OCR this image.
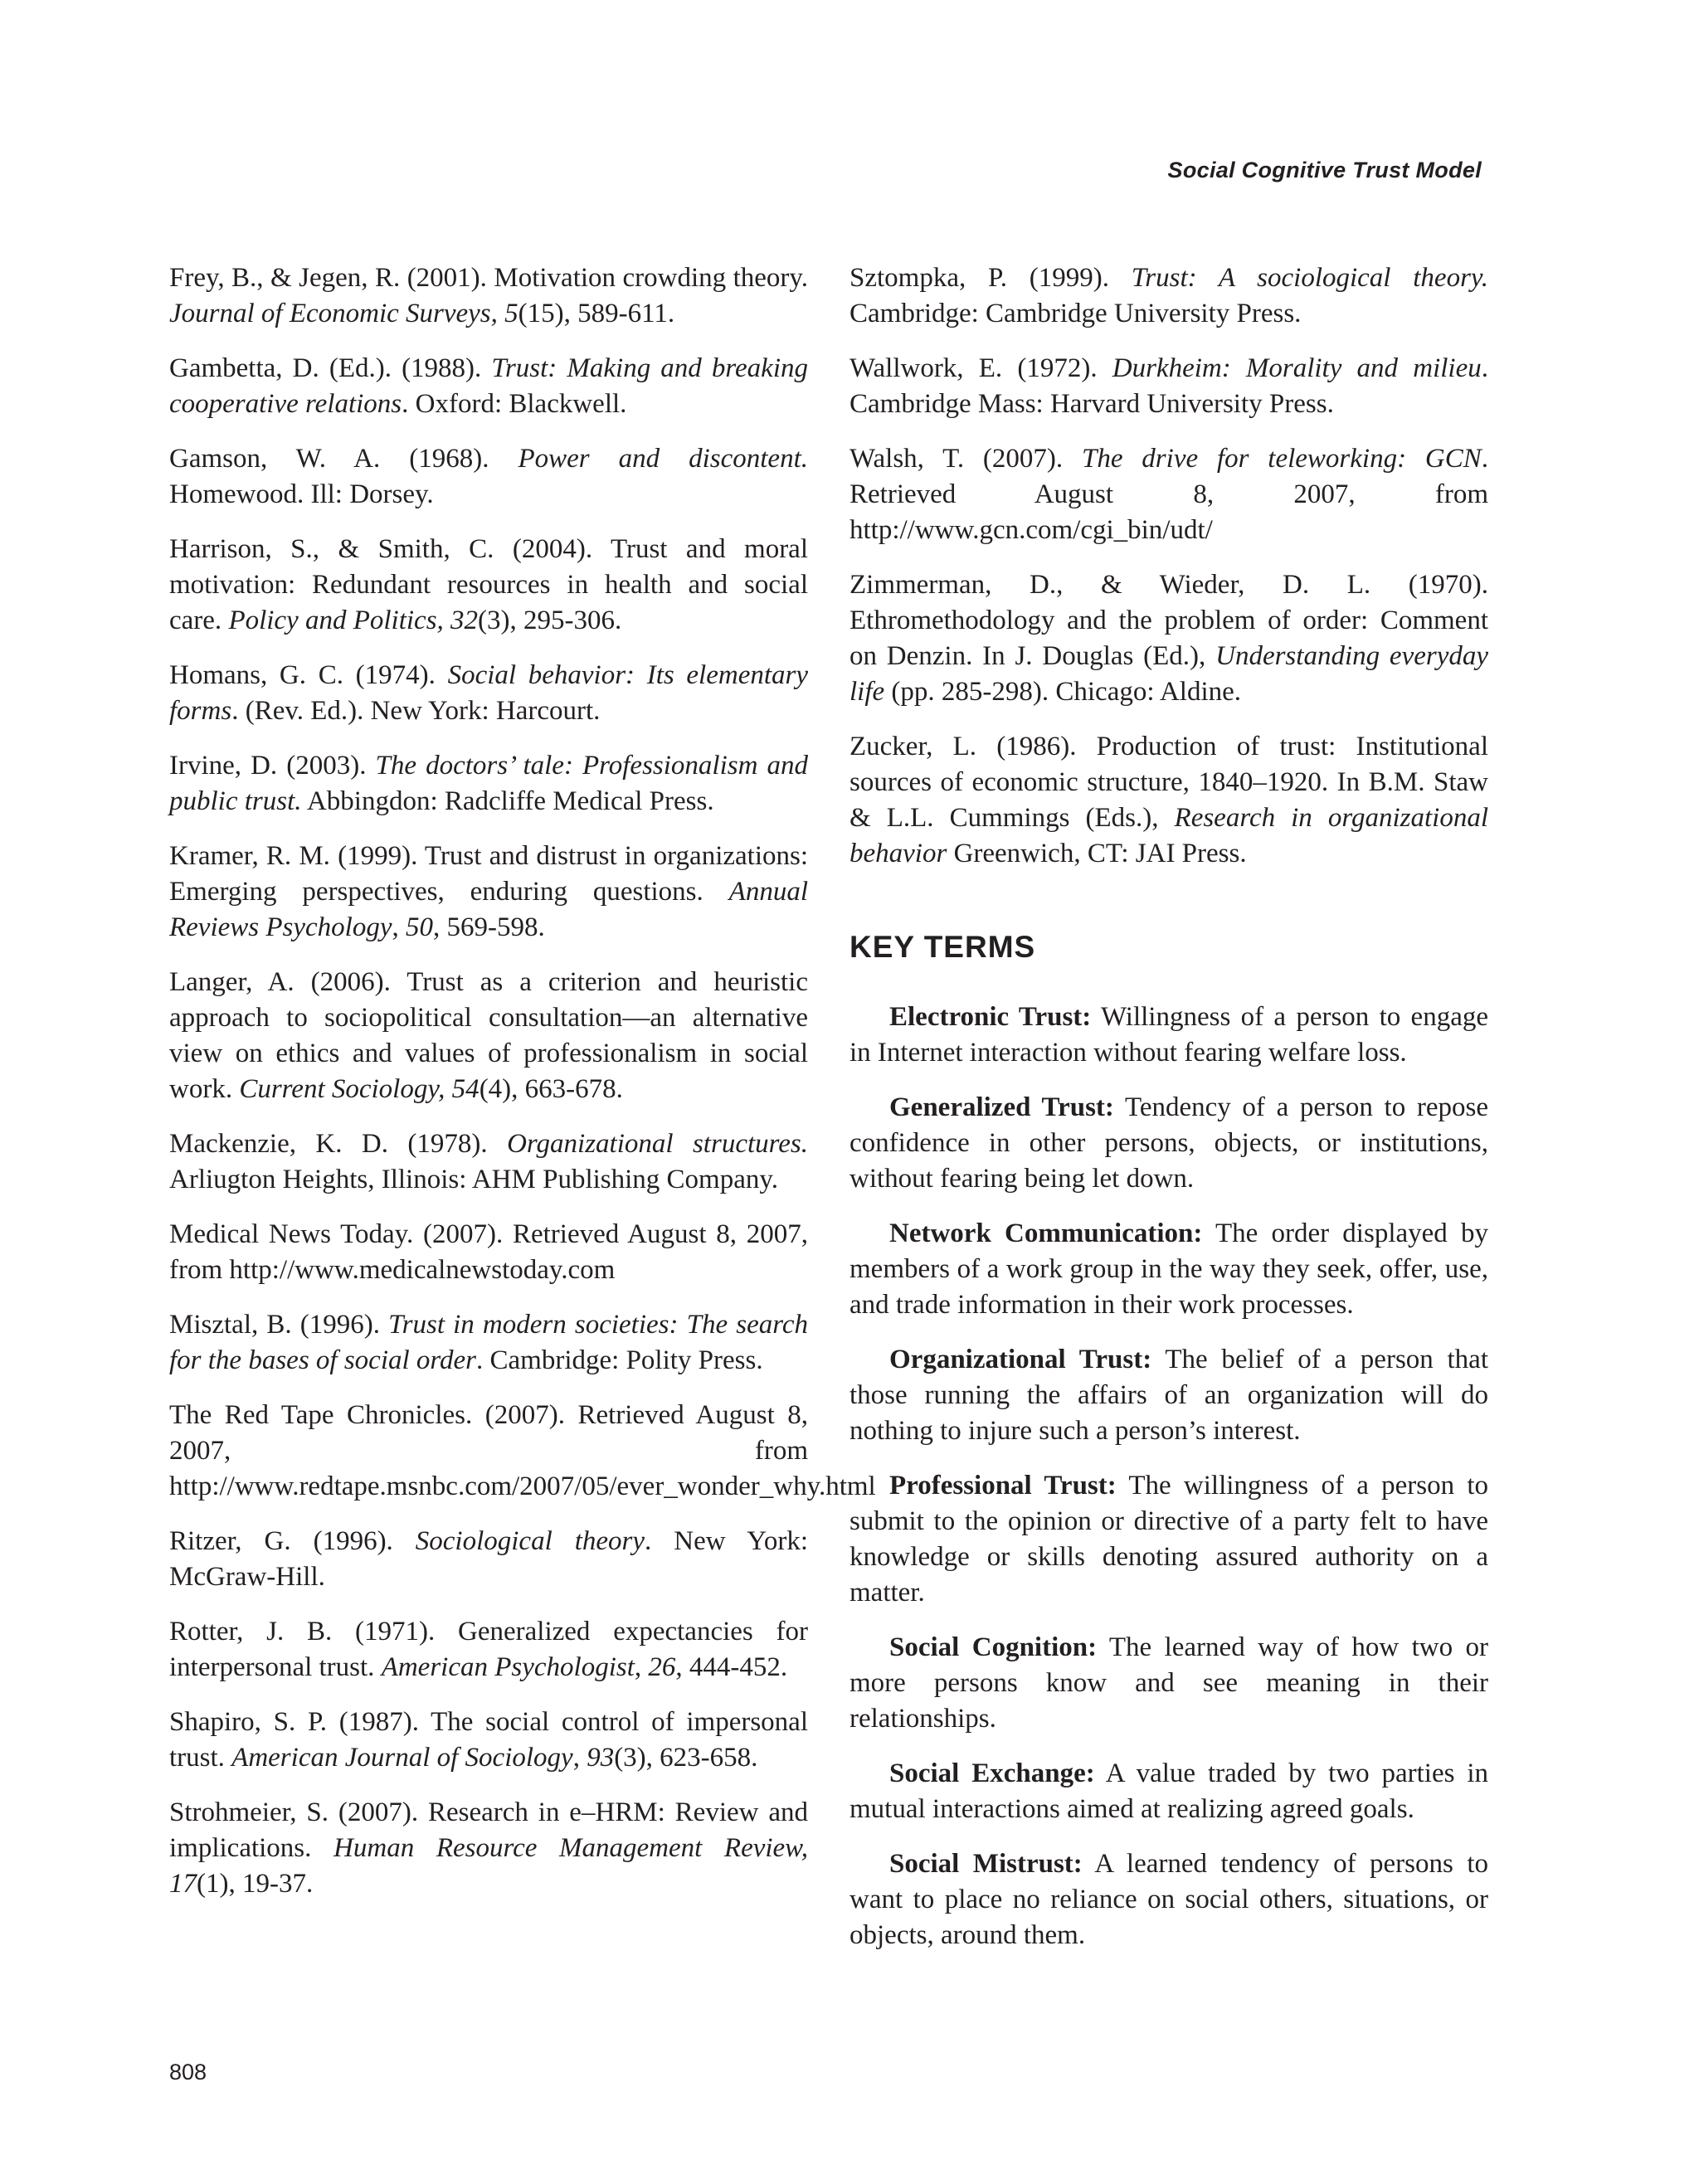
Social Cognitive Trust Model

Frey, B., & Jegen, R. (2001). Motivation crowding theory. Journal of Economic Surveys, 5(15), 589-611.

Gambetta, D. (Ed.). (1988). Trust: Making and breaking cooperative relations. Oxford: Blackwell.

Gamson, W. A. (1968). Power and discontent. Homewood. Ill: Dorsey.

Harrison, S., & Smith, C. (2004). Trust and moral motivation: Redundant resources in health and social care. Policy and Politics, 32(3), 295-306.

Homans, G. C. (1974). Social behavior: Its elementary forms. (Rev. Ed.). New York: Harcourt.

Irvine, D. (2003). The doctors’ tale: Professionalism and public trust. Abbingdon: Radcliffe Medical Press.

Kramer, R. M. (1999). Trust and distrust in organizations: Emerging perspectives, enduring questions. Annual Reviews Psychology, 50, 569-598.

Langer, A. (2006). Trust as a criterion and heuristic approach to sociopolitical consultation—an alternative view on ethics and values of professionalism in social work. Current Sociology, 54(4), 663-678.

Mackenzie, K. D. (1978). Organizational structures. Arliugton Heights, Illinois: AHM Publishing Company.

Medical News Today. (2007). Retrieved August 8, 2007, from http://www.medicalnewstoday.com

Misztal, B. (1996). Trust in modern societies: The search for the bases of social order. Cambridge: Polity Press.

The Red Tape Chronicles. (2007). Retrieved August 8, 2007, from http://www.redtape.msnbc.com/2007/05/ever_wonder_why.html

Ritzer, G. (1996). Sociological theory. New York: McGraw-Hill.

Rotter, J. B. (1971). Generalized expectancies for interpersonal trust. American Psychologist, 26, 444-452.

Shapiro, S. P. (1987). The social control of impersonal trust. American Journal of Sociology, 93(3), 623-658.

Strohmeier, S. (2007). Research in e–HRM: Review and implications. Human Resource Management Review, 17(1), 19-37.

Sztompka, P. (1999). Trust: A sociological theory. Cambridge: Cambridge University Press.

Wallwork, E. (1972). Durkheim: Morality and milieu. Cambridge Mass: Harvard University Press.

Walsh, T. (2007). The drive for teleworking: GCN. Retrieved August 8, 2007, from http://www.gcn.com/cgi_bin/udt/

Zimmerman, D., & Wieder, D. L. (1970). Ethromethodology and the problem of order: Comment on Denzin. In J. Douglas (Ed.), Understanding everyday life (pp. 285-298). Chicago: Aldine.

Zucker, L. (1986). Production of trust: Institutional sources of economic structure, 1840–1920. In B.M. Staw & L.L. Cummings (Eds.), Research in organizational behavior Greenwich, CT: JAI Press.

KEY TERMS

Electronic Trust: Willingness of a person to engage in Internet interaction without fearing welfare loss.

Generalized Trust: Tendency of a person to repose confidence in other persons, objects, or institutions, without fearing being let down.

Network Communication: The order displayed by members of a work group in the way they seek, offer, use, and trade information in their work processes.

Organizational Trust: The belief of a person that those running the affairs of an organization will do nothing to injure such a person’s interest.

Professional Trust: The willingness of a person to submit to the opinion or directive of a party felt to have knowledge or skills denoting assured authority on a matter.

Social Cognition: The learned way of how two or more persons know and see meaning in their relationships.

Social Exchange: A value traded by two parties in mutual interactions aimed at realizing agreed goals.

Social Mistrust: A learned tendency of persons to want to place no reliance on social others, situations, or objects, around them.

808
